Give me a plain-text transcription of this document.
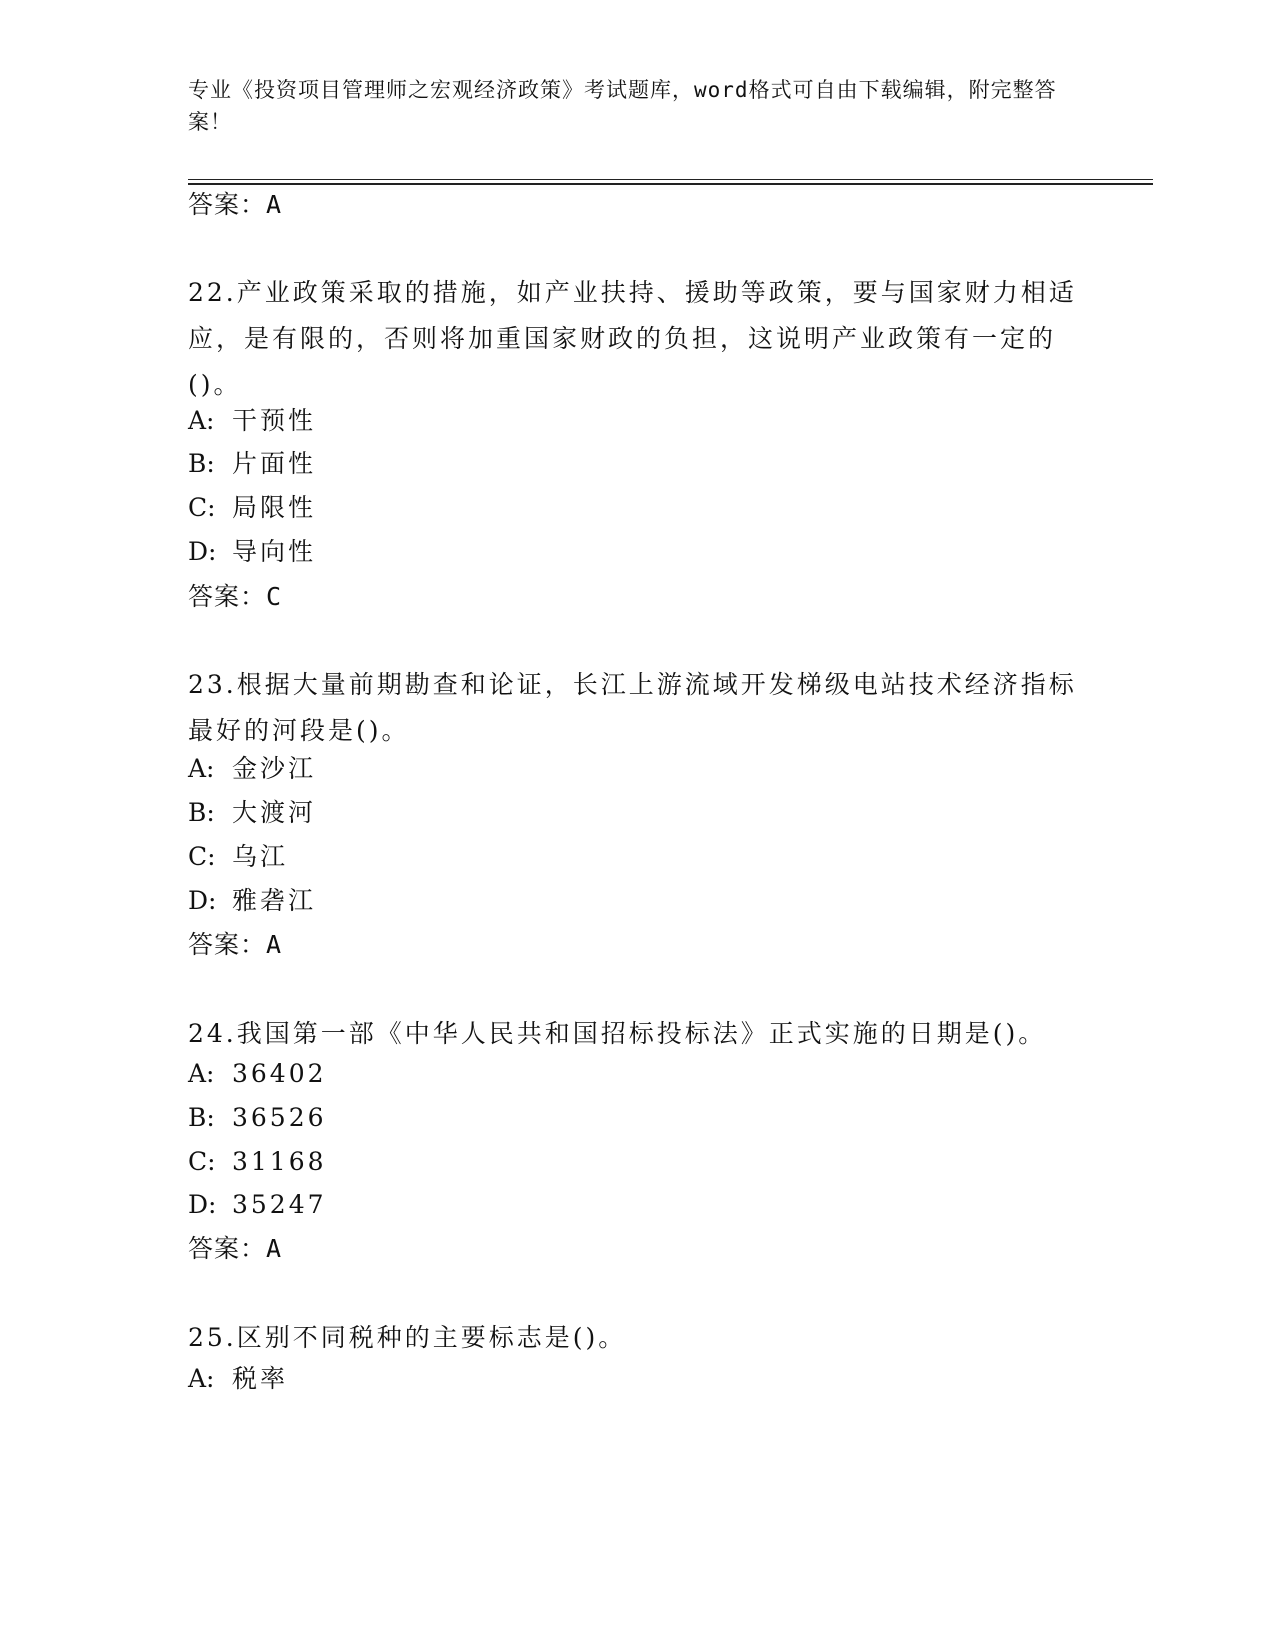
专业《投资项目管理师之宏观经济政策》考试题库，word格式可自由下载编辑，附完整答案！
答案：A
22.产业政策采取的措施，如产业扶持、援助等政策，要与国家财力相适应，是有限的，否则将加重国家财政的负担，这说明产业政策有一定的()。
A: 干预性
B: 片面性
C: 局限性
D: 导向性
答案：C
23.根据大量前期勘查和论证，长江上游流域开发梯级电站技术经济指标最好的河段是()。
A: 金沙江
B: 大渡河
C: 乌江
D: 雅砻江
答案：A
24.我国第一部《中华人民共和国招标投标法》正式实施的日期是()。
A: 36402
B: 36526
C: 31168
D: 35247
答案：A
25.区别不同税种的主要标志是()。
A: 税率
